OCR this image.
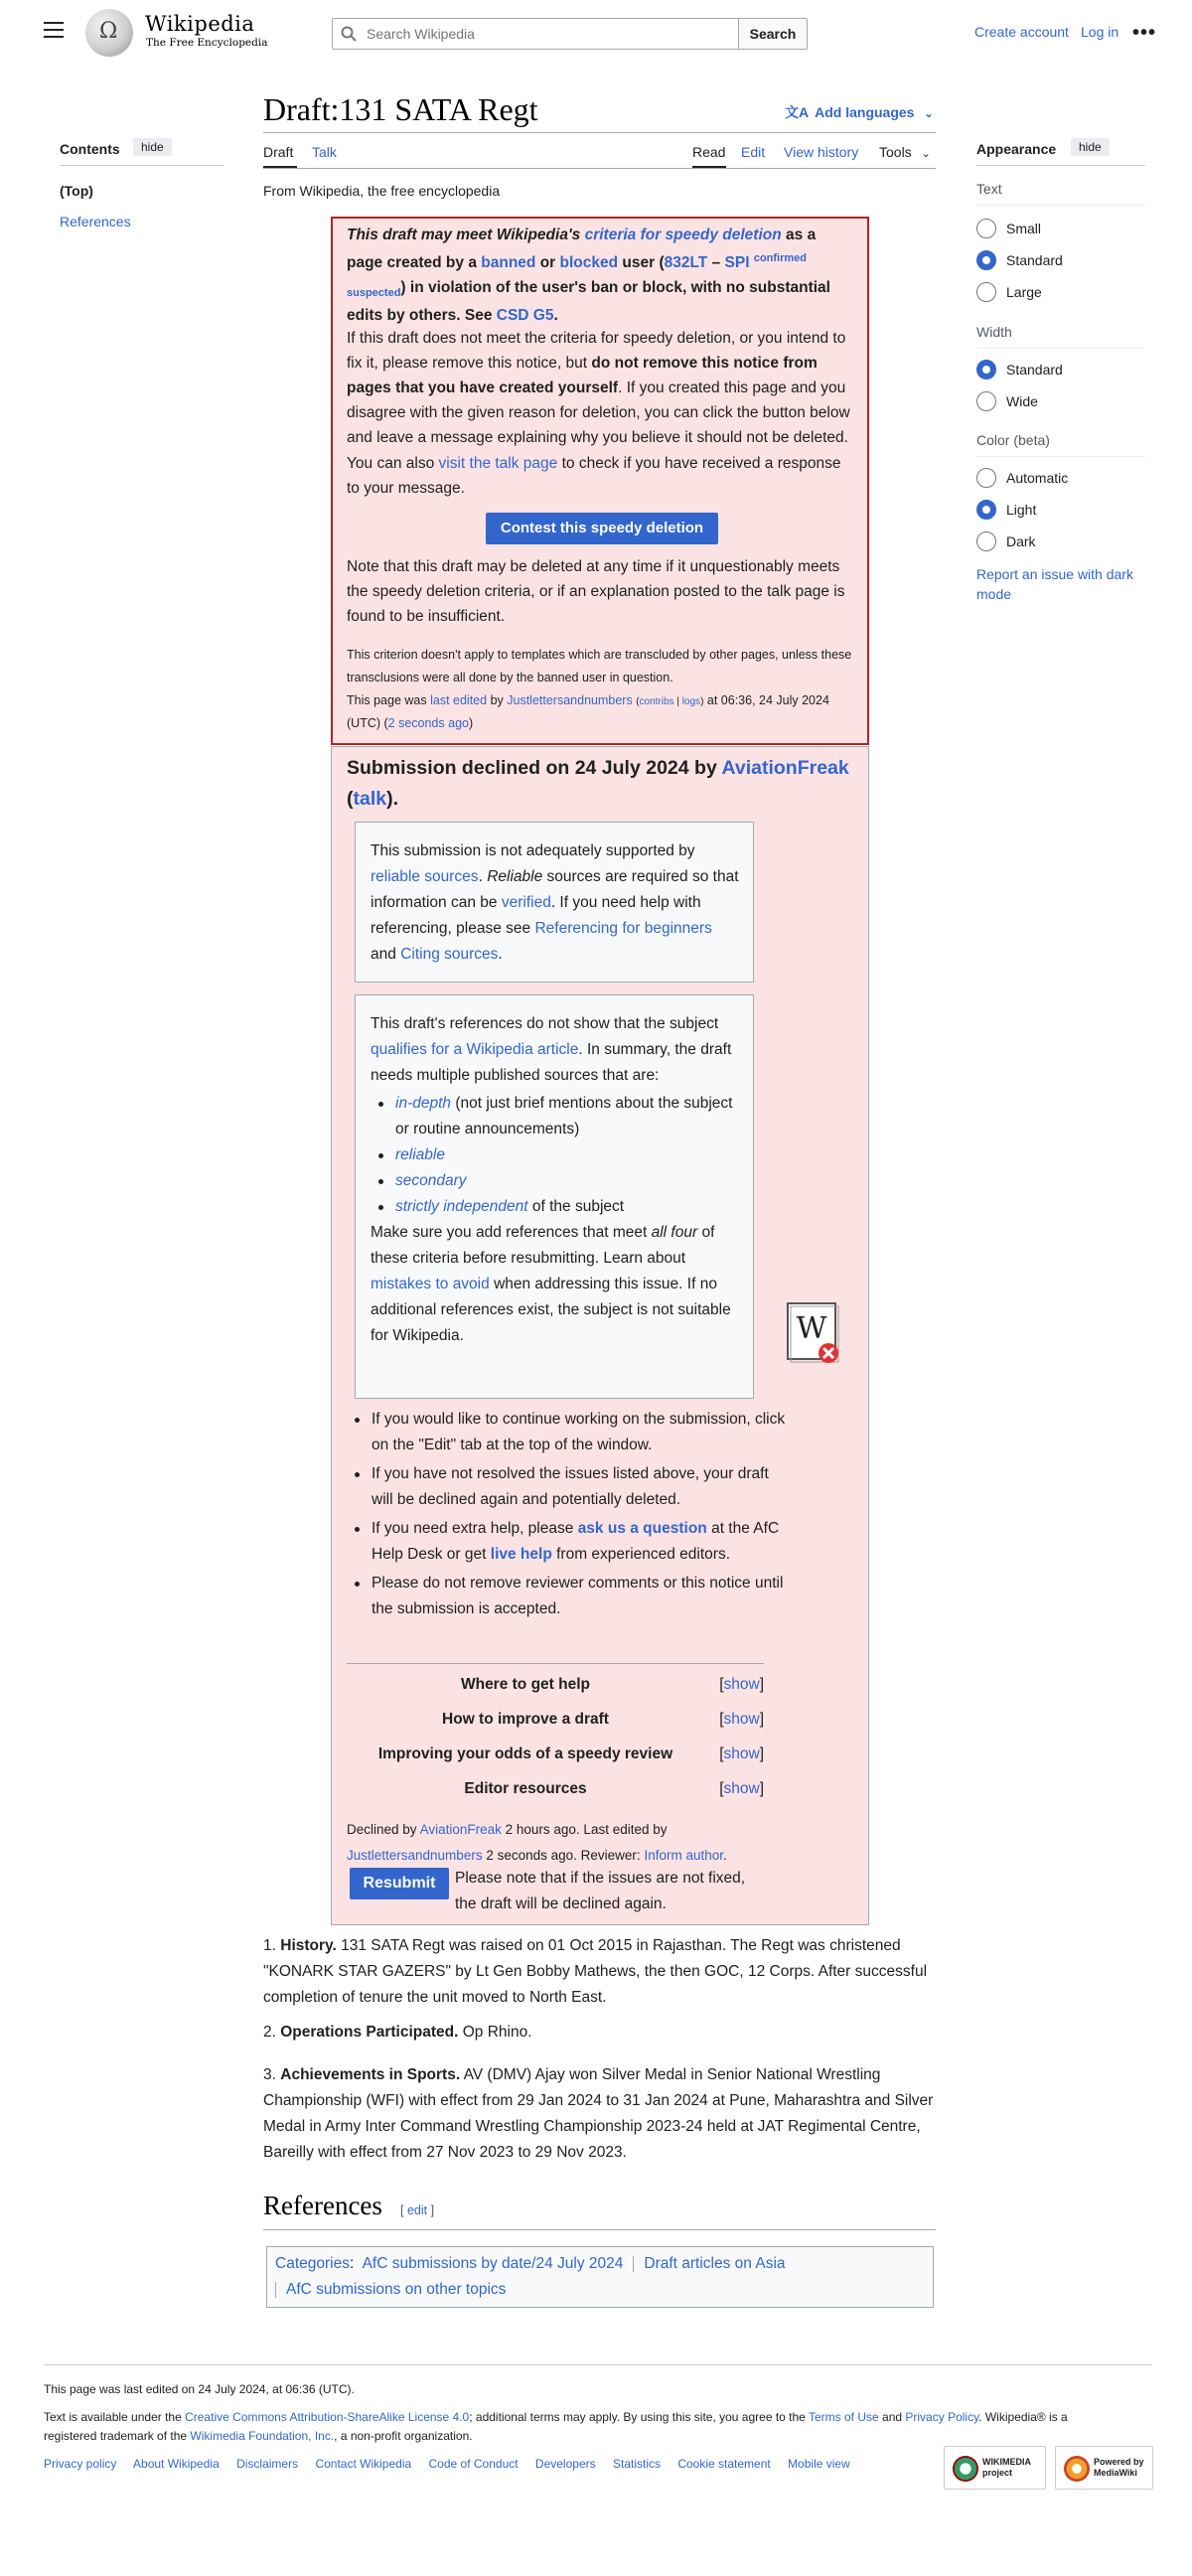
Ω Wikipedia
The Free Encyclopedia
Search Wikipedia
Search	Create account Log in •••
Contents	hide
(Top)
References
Draft:131 SATA Regt	文A Add languages ⌄
Draft Talk	Read Edit View history Tools ⌄
From Wikipedia, the free encyclopedia
Appearance	hide
Text
Small
Standard
Large
Width
Standard
Wide
Color (beta)
Automatic
Light
Dark
Report an issue with dark mode
This draft may meet Wikipedia's criteria for speedy deletion as a page created by a banned or blocked user (832LT – SPI $^{confirmed}$ $_{suspected}$) in violation of the user's ban or block, with no substantial edits by others. See CSD G5.
If this draft does not meet the criteria for speedy deletion, or you intend to fix it, please remove this notice, but do not remove this notice from pages that you have created yourself. If you created this page and you disagree with the given reason for deletion, you can click the button below and leave a message explaining why you believe it should not be deleted. You can also visit the talk page to check if you have received a response to your message.
Contest this speedy deletion
Note that this draft may be deleted at any time if it unquestionably meets the speedy deletion criteria, or if an explanation posted to the talk page is found to be insufficient.
This criterion doesn't apply to templates which are transcluded by other pages, unless these transclusions were all done by the banned user in question.
This page was last edited by Justlettersandnumbers (contribs | logs) at 06:36, 24 July 2024 (UTC) (2 seconds ago)
Submission declined on 24 July 2024 by AviationFreak (talk).
This submission is not adequately supported by reliable sources. Reliable sources are required so that information can be verified. If you need help with referencing, please see Referencing for beginners and Citing sources.
This draft's references do not show that the subject qualifies for a Wikipedia article. In summary, the draft needs multiple published sources that are:
in-depth (not just brief mentions about the subject or routine announcements)
reliable
secondary
strictly independent of the subject
Make sure you add references that meet all four of these criteria before resubmitting. Learn about mistakes to avoid when addressing this issue. If no additional references exist, the subject is not suitable for Wikipedia.	W
If you would like to continue working on the submission, click on the "Edit" tab at the top of the window.
If you have not resolved the issues listed above, your draft will be declined again and potentially deleted.
If you need extra help, please ask us a question at the AfC Help Desk or get live help from experienced editors.
Please do not remove reviewer comments or this notice until the submission is accepted.
Where to get help	[show]
How to improve a draft	[show]
Improving your odds of a speedy review	[show]
Editor resources	[show]
Declined by AviationFreak 2 hours ago. Last edited by Justlettersandnumbers 2 seconds ago. Reviewer: Inform author.
Resubmit	Please note that if the issues are not fixed, the draft will be declined again.
1. History. 131 SATA Regt was raised on 01 Oct 2015 in Rajasthan. The Regt was christened "KONARK STAR GAZERS" by Lt Gen Bobby Mathews, the then GOC, 12 Corps. After successful completion of tenure the unit moved to North East.
2. Operations Participated. Op Rhino.
3. Achievements in Sports. AV (DMV) Ajay won Silver Medal in Senior National Wrestling Championship (WFI) with effect from 29 Jan 2024 to 31 Jan 2024 at Pune, Maharashtra and Silver Medal in Army Inter Command Wrestling Championship 2023-24 held at JAT Regimental Centre, Bareilly with effect from 27 Nov 2023 to 29 Nov 2023.
References [ edit ]
Categories: AfC submissions by date/24 July 2024 Draft articles on Asia
AfC submissions on other topics
This page was last edited on 24 July 2024, at 06:36 (UTC).
Text is available under the Creative Commons Attribution-ShareAlike License 4.0; additional terms may apply. By using this site, you agree to the Terms of Use and Privacy Policy. Wikipedia® is a registered trademark of the Wikimedia Foundation, Inc., a non-profit organization.
Privacy policy About Wikipedia Disclaimers Contact Wikipedia Code of Conduct Developers Statistics Cookie statement Mobile view	WIKIMEDIA project
Powered by MediaWiki
